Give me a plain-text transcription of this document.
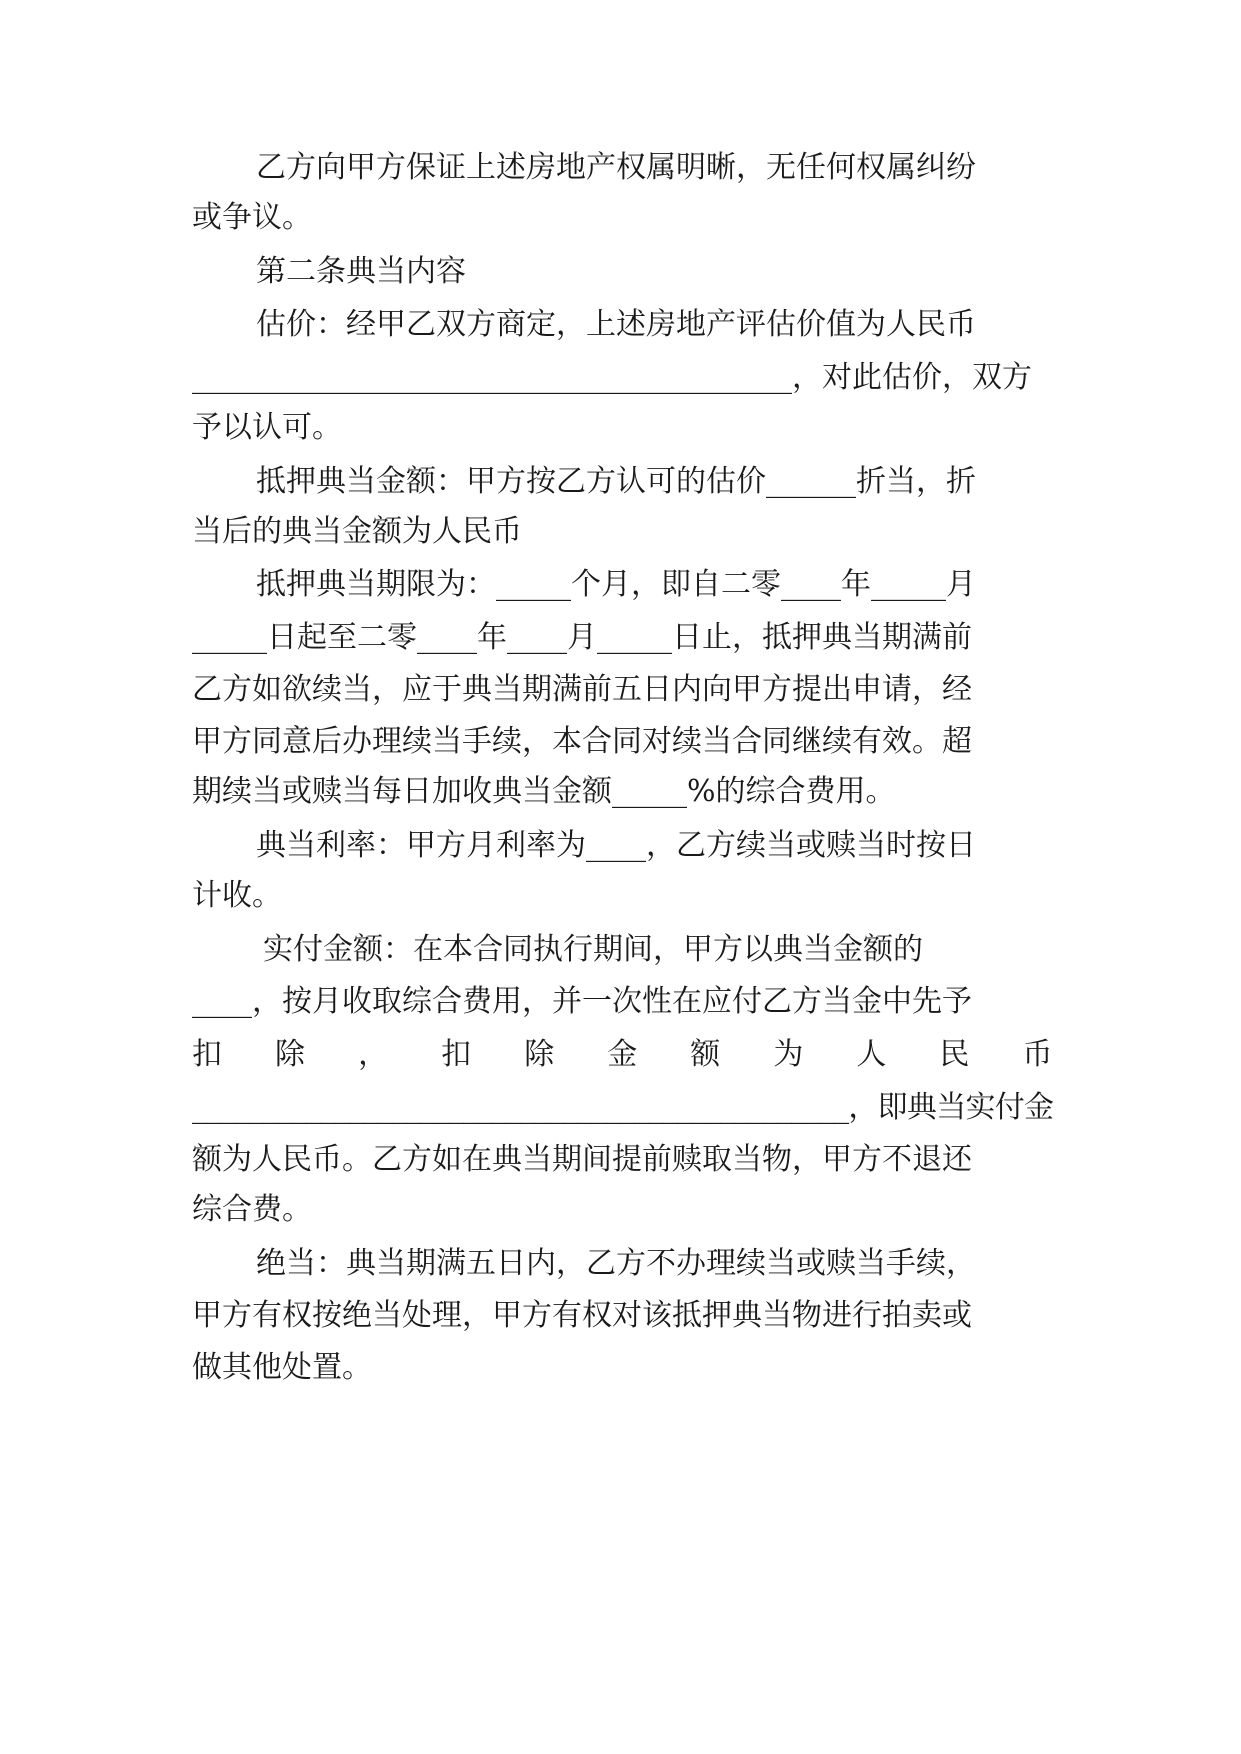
乙方向甲方保证上述房地产权属明晰，无任何权属纠纷
或争议。
第二条典当内容
估价：经甲乙双方商定，上述房地产评估价值为人民币
________________________________________，对此估价，双方
予以认可。
抵押典当金额：甲方按乙方认可的估价______折当，折
当后的典当金额为人民币
抵押典当期限为：_____个月，即自二零____年_____月
_____日起至二零____年____月_____日止，抵押典当期满前
乙方如欲续当，应于典当期满前五日内向甲方提出申请，经
甲方同意后办理续当手续，本合同对续当合同继续有效。超
期续当或赎当每日加收典当金额_____%的综合费用。
典当利率：甲方月利率为____，乙方续当或赎当时按日
计收。
实付金额：在本合同执行期间，甲方以典当金额的
____，按月收取综合费用，并一次性在应付乙方当金中先予
扣 除 ， 扣 除 金 额 为 人 民 币
______________________________________________，即典当实付金
额为人民币。乙方如在典当期间提前赎取当物，甲方不退还
综合费。
绝当：典当期满五日内，乙方不办理续当或赎当手续，
甲方有权按绝当处理，甲方有权对该抵押典当物进行拍卖或
做其他处置。
